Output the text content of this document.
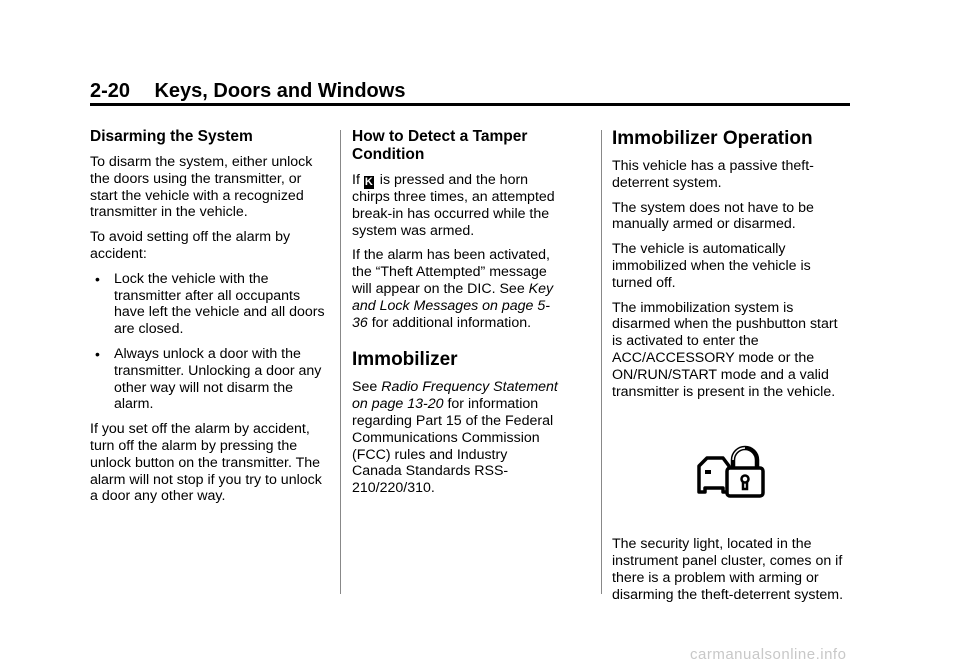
2-20 Keys, Doors and Windows
Disarming the System

To disarm the system, either unlock the doors using the transmitter, or start the vehicle with a recognized transmitter in the vehicle.

To avoid setting off the alarm by accident:

• Lock the vehicle with the transmitter after all occupants have left the vehicle and all doors are closed.
• Always unlock a door with the transmitter. Unlocking a door any other way will not disarm the alarm.

If you set off the alarm by accident, turn off the alarm by pressing the unlock button on the transmitter. The alarm will not stop if you try to unlock a door any other way.

How to Detect a Tamper Condition

If K is pressed and the horn chirps three times, an attempted break-in has occurred while the system was armed.

If the alarm has been activated, the “Theft Attempted” message will appear on the DIC. See Key and Lock Messages on page 5-36 for additional information.

Immobilizer

See Radio Frequency Statement on page 13-20 for information regarding Part 15 of the Federal Communications Commission (FCC) rules and Industry Canada Standards RSS-210/220/310.

Immobilizer Operation

This vehicle has a passive theft-deterrent system.

The system does not have to be manually armed or disarmed.

The vehicle is automatically immobilized when the vehicle is turned off.

The immobilization system is disarmed when the pushbutton start is activated to enter the ACC/ACCESSORY mode or the ON/RUN/START mode and a valid transmitter is present in the vehicle.

The security light, located in the instrument panel cluster, comes on if there is a problem with arming or disarming the theft-deterrent system.

carmanualsonline.info
